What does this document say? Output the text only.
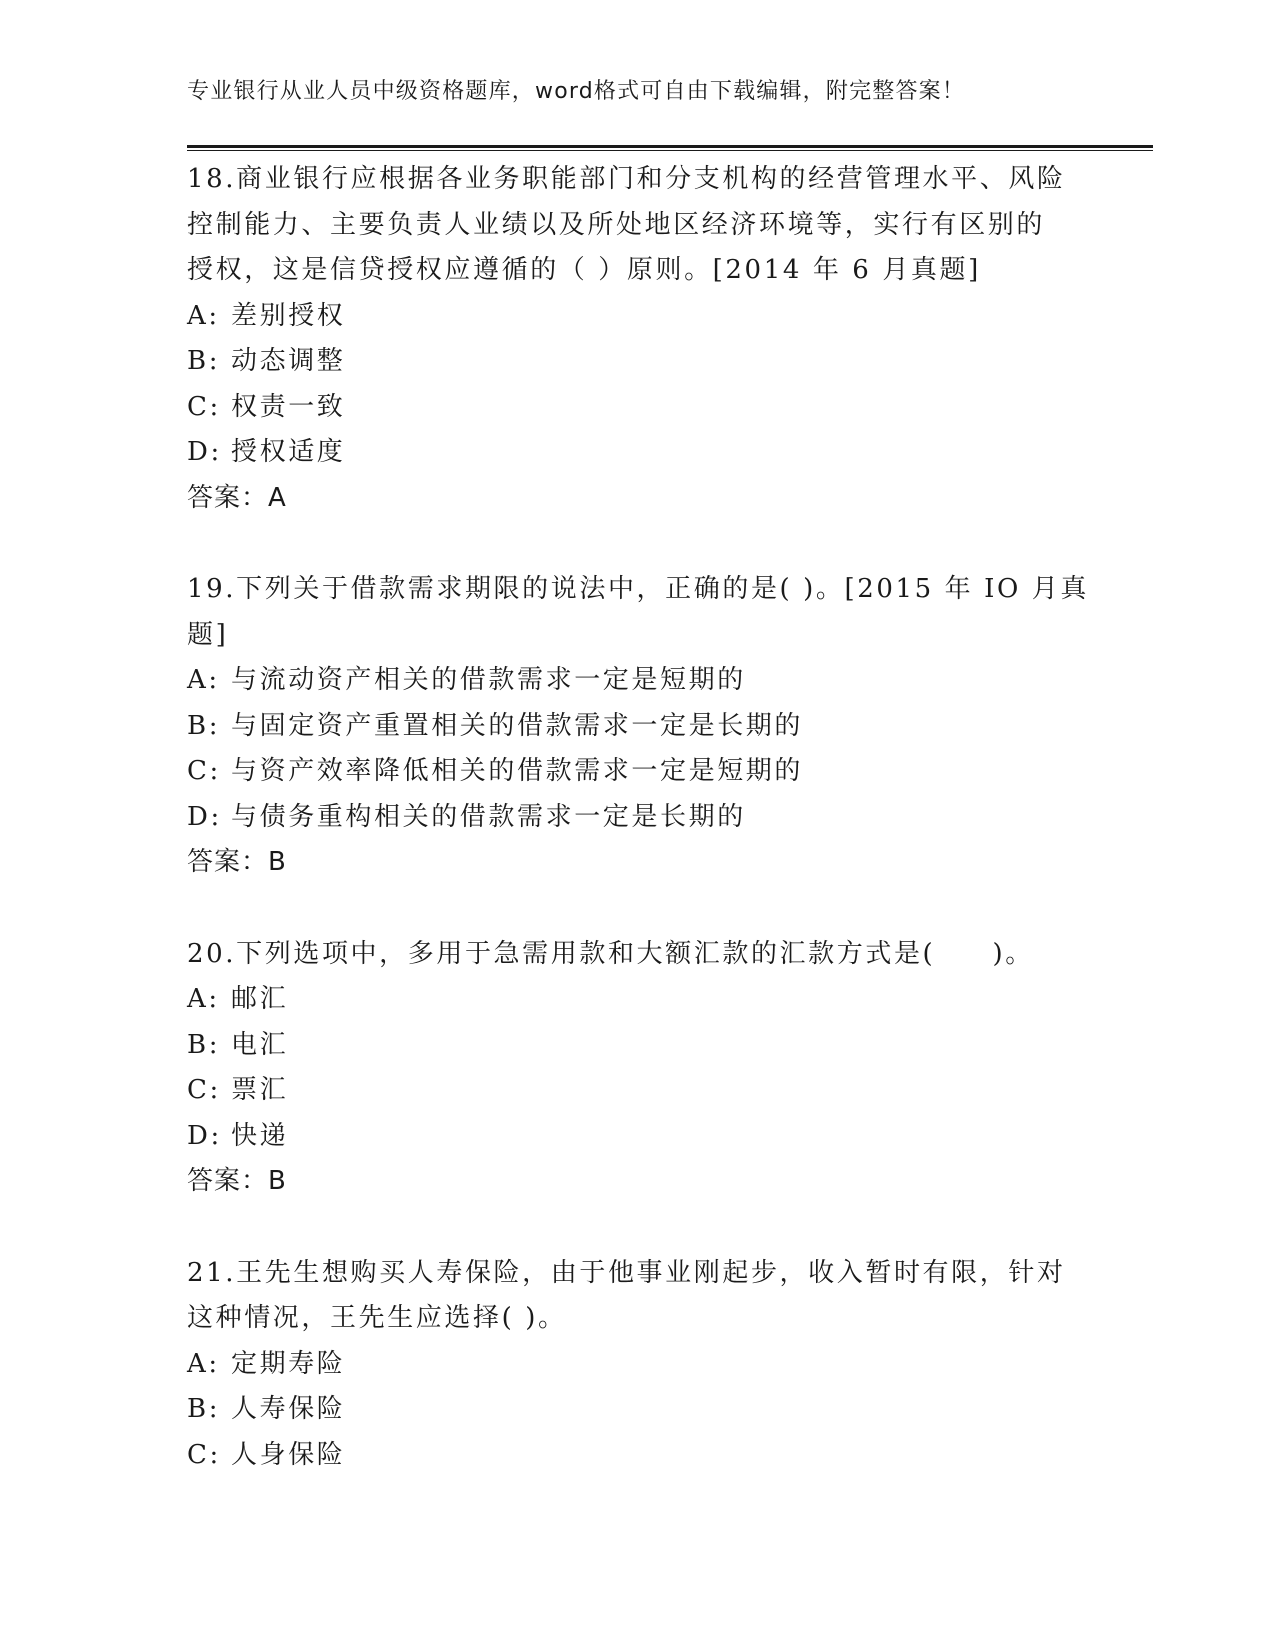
专业银行从业人员中级资格题库，word格式可自由下载编辑，附完整答案！
18.商业银行应根据各业务职能部门和分支机构的经营管理水平、风险
控制能力、主要负责人业绩以及所处地区经济环境等，实行有区别的
授权，这是信贷授权应遵循的（ ）原则。[2014 年 6 月真题]
A: 差别授权
B: 动态调整
C: 权责一致
D: 授权适度
答案：A
19.下列关于借款需求期限的说法中，正确的是( )。[2015 年 IO 月真
题]
A: 与流动资产相关的借款需求一定是短期的
B: 与固定资产重置相关的借款需求一定是长期的
C: 与资产效率降低相关的借款需求一定是短期的
D: 与债务重构相关的借款需求一定是长期的
答案：B
20.下列选项中，多用于急需用款和大额汇款的汇款方式是(　　)。
A: 邮汇
B: 电汇
C: 票汇
D: 快递
答案：B
21.王先生想购买人寿保险，由于他事业刚起步，收入暂时有限，针对
这种情况，王先生应选择( )。
A: 定期寿险
B: 人寿保险
C: 人身保险
